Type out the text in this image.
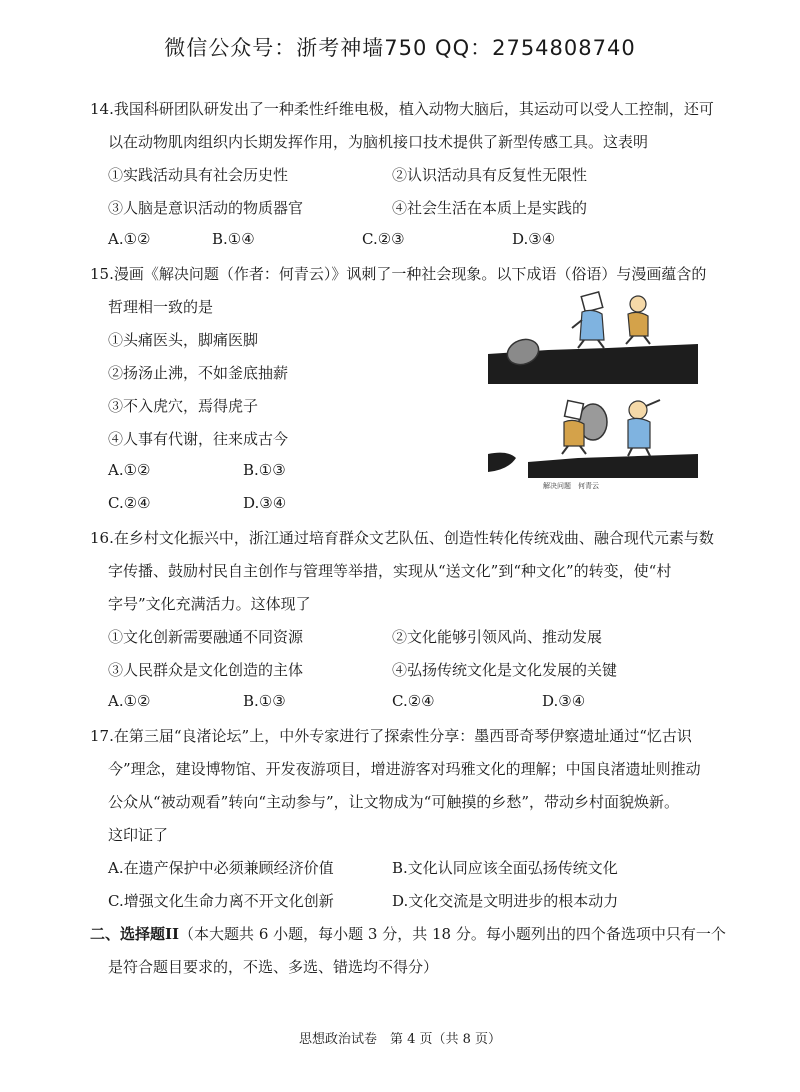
微信公众号：浙考神墙750 QQ：2754808740
14.我国科研团队研发出了一种柔性纤维电极，植入动物大脑后，其运动可以受人工控制，还可
以在动物肌肉组织内长期发挥作用，为脑机接口技术提供了新型传感工具。这表明
①实践活动具有社会历史性	②认识活动具有反复性无限性
③人脑是意识活动的物质器官	④社会生活在本质上是实践的
A.①②	B.①④	C.②③	D.③④
15.漫画《解决问题（作者：何青云）》讽刺了一种社会现象。以下成语（俗语）与漫画蕴含的
哲理相一致的是
①头痛医头，脚痛医脚
②扬汤止沸，不如釜底抽薪
③不入虎穴，焉得虎子
④人事有代谢，往来成古今
A.①②	B.①③
C.②④	D.③④
解决问题　何青云
16.在乡村文化振兴中，浙江通过培育群众文艺队伍、创造性转化传统戏曲、融合现代元素与数
字传播、鼓励村民自主创作与管理等举措，实现从“送文化”到“种文化”的转变，使“村
字号”文化充满活力。这体现了
①文化创新需要融通不同资源	②文化能够引领风尚、推动发展
③人民群众是文化创造的主体	④弘扬传统文化是文化发展的关键
A.①②	B.①③	C.②④	D.③④
17.在第三届“良渚论坛”上，中外专家进行了探索性分享：墨西哥奇琴伊察遗址通过“忆古识
今”理念，建设博物馆、开发夜游项目，增进游客对玛雅文化的理解；中国良渚遗址则推动
公众从“被动观看”转向“主动参与”，让文物成为“可触摸的乡愁”，带动乡村面貌焕新。
这印证了
A.在遗产保护中必须兼顾经济价值	B.文化认同应该全面弘扬传统文化
C.增强文化生命力离不开文化创新	D.文化交流是文明进步的根本动力
二、选择题II（本大题共 6 小题，每小题 3 分，共 18 分。每小题列出的四个备选项中只有一个
是符合题目要求的，不选、多选、错选均不得分）
思想政治试卷　第 4 页（共 8 页）
